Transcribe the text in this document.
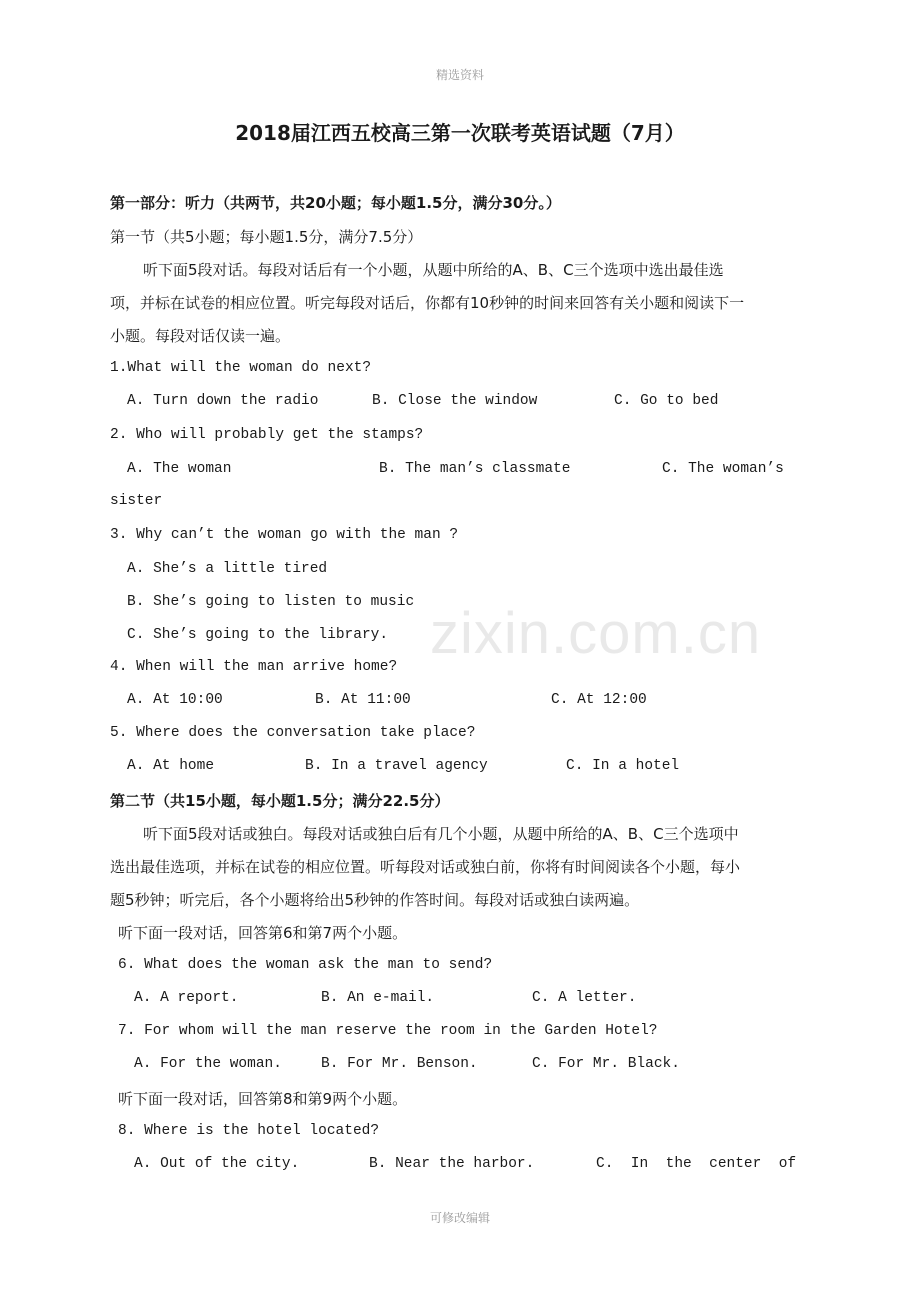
精选资料
zixin.com.cn
2018届江西五校高三第一次联考英语试题（7月）
第一部分：听力（共两节，共20小题；每小题1.5分，满分30分。）
第一节（共5小题；每小题1.5分，满分7.5分）
听下面5段对话。每段对话后有一个小题，从题中所给的A、B、C三个选项中选出最佳选
项，并标在试卷的相应位置。听完每段对话后，你都有10秒钟的时间来回答有关小题和阅读下一
小题。每段对话仅读一遍。
1.What will the woman do next?
A. Turn down the radio	B. Close the window	C. Go to bed
2. Who will probably get the stamps?
A. The woman	B. The man’s classmate	C. The woman’s
sister
3. Why can’t the woman go with the man ?
A. She’s a little tired
B. She’s going to listen to music
C. She’s going to the library.
4. When will the man arrive home?
A. At 10:00	B. At 11:00	C. At 12:00
5. Where does the conversation take place?
A. At home	B. In a travel agency	C. In a hotel
第二节（共15小题，每小题1.5分；满分22.5分）
听下面5段对话或独白。每段对话或独白后有几个小题，从题中所给的A、B、C三个选项中
选出最佳选项，并标在试卷的相应位置。听每段对话或独白前，你将有时间阅读各个小题，每小
题5秒钟；听完后，各个小题将给出5秒钟的作答时间。每段对话或独白读两遍。
听下面一段对话，回答第6和第7两个小题。
6. What does the woman ask the man to send?
A. A report.	B. An e-mail.	C. A letter.
7. For whom will the man reserve the room in the Garden Hotel?
A. For the woman.	B. For Mr. Benson.	C. For Mr. Black.
听下面一段对话，回答第8和第9两个小题。
8. Where is the hotel located?
A. Out of the city.	B. Near the harbor.	C.  In  the  center  of
可修改编辑
